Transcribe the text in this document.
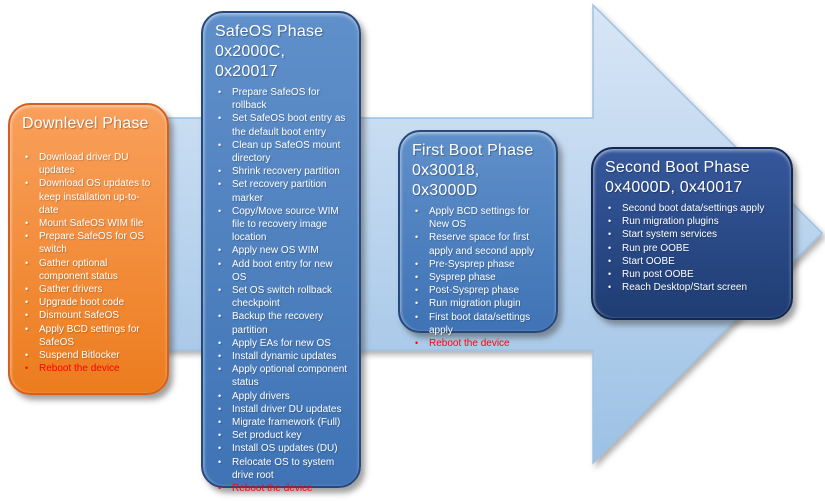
Downlevel Phase
•	Download driver DU updates
•	Download OS updates to keep installation up-to-date
•	Mount SafeOS WIM file
•	Prepare SafeOS for OS switch
•	Gather optional component status
•	Gather drivers
•	Upgrade boot code
•	Dismount SafeOS
•	Apply BCD settings for SafeOS
•	Suspend Bitlocker
•	Reboot the device
SafeOS Phase
0x2000C, 0x20017
•	Prepare SafeOS for rollback
•	Set SafeOS boot entry as the default boot entry
•	Clean up SafeOS mount directory
•	Shrink recovery partition
•	Set recovery partition marker
•	Copy/Move source WIM file to recovery image location
•	Apply new OS WIM
•	Add boot entry for new OS
•	Set OS switch rollback checkpoint
•	Backup the recovery partition
•	Apply EAs for new OS
•	Install dynamic updates
•	Apply optional component status
•	Apply drivers
•	Install driver DU updates
•	Migrate framework (Full)
•	Set product key
•	Install OS updates (DU)
•	Relocate OS to system drive root
•	Reboot the device
First Boot Phase
0x30018, 0x3000D
•	Apply BCD settings for New OS
•	Reserve space for first apply and second apply
•	Pre-Sysprep phase
•	Sysprep phase
•	Post-Sysprep phase
•	Run migration plugin
•	First boot data/settings apply
•	Reboot the device
Second Boot Phase
0x4000D, 0x40017
•	Second boot data/settings apply
•	Run migration plugins
•	Start system services
•	Run pre OOBE
•	Start OOBE
•	Run post OOBE
•	Reach Desktop/Start screen
